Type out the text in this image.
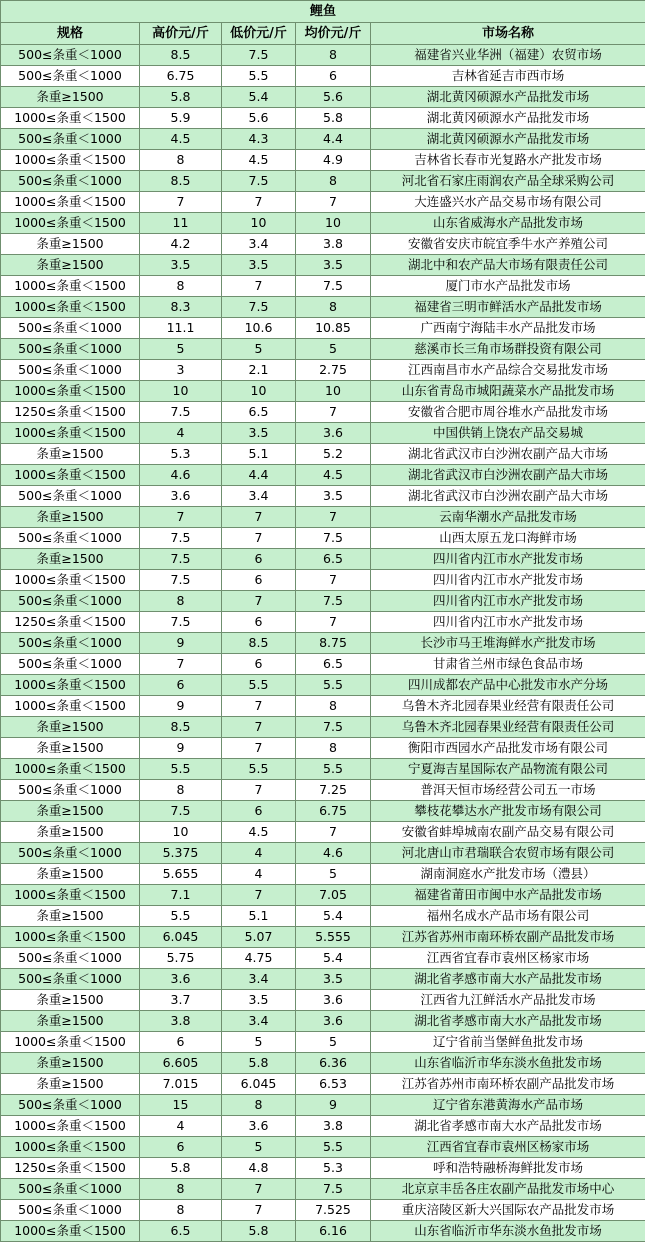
鲤鱼				
规格	高价元/斤	低价元/斤	均价元/斤	市场名称
500≤条重＜1000	8.5	7.5	8	福建省兴业华洲（福建）农贸市场
500≤条重＜1000	6.75	5.5	6	吉林省延吉市西市场
条重≥1500	5.8	5.4	5.6	湖北黄冈硕源水产品批发市场
1000≤条重＜1500	5.9	5.6	5.8	湖北黄冈硕源水产品批发市场
500≤条重＜1000	4.5	4.3	4.4	湖北黄冈硕源水产品批发市场
1000≤条重＜1500	8	4.5	4.9	吉林省长春市光复路水产批发市场
500≤条重＜1000	8.5	7.5	8	河北省石家庄雨润农产品全球采购公司
1000≤条重＜1500	7	7	7	大连盛兴水产品交易市场有限公司
1000≤条重＜1500	11	10	10	山东省威海水产品批发市场
条重≥1500	4.2	3.4	3.8	安徽省安庆市皖宜季牛水产养殖公司
条重≥1500	3.5	3.5	3.5	湖北中和农产品大市场有限责任公司
1000≤条重＜1500	8	7	7.5	厦门市水产品批发市场
1000≤条重＜1500	8.3	7.5	8	福建省三明市鲜活水产品批发市场
500≤条重＜1000	11.1	10.6	10.85	广西南宁海陆丰水产品批发市场
500≤条重＜1000	5	5	5	慈溪市长三角市场群投资有限公司
500≤条重＜1000	3	2.1	2.75	江西南昌市水产品综合交易批发市场
1000≤条重＜1500	10	10	10	山东省青岛市城阳蔬菜水产品批发市场
1250≤条重＜1500	7.5	6.5	7	安徽省合肥市周谷堆水产品批发市场
1000≤条重＜1500	4	3.5	3.6	中国供销上饶农产品交易城
条重≥1500	5.3	5.1	5.2	湖北省武汉市白沙洲农副产品大市场
1000≤条重＜1500	4.6	4.4	4.5	湖北省武汉市白沙洲农副产品大市场
500≤条重＜1000	3.6	3.4	3.5	湖北省武汉市白沙洲农副产品大市场
条重≥1500	7	7	7	云南华潮水产品批发市场
500≤条重＜1000	7.5	7	7.5	山西太原五龙口海鲜市场
条重≥1500	7.5	6	6.5	四川省内江市水产批发市场
1000≤条重＜1500	7.5	6	7	四川省内江市水产批发市场
500≤条重＜1000	8	7	7.5	四川省内江市水产批发市场
1250≤条重＜1500	7.5	6	7	四川省内江市水产批发市场
500≤条重＜1000	9	8.5	8.75	长沙市马王堆海鲜水产批发市场
500≤条重＜1000	7	6	6.5	甘肃省兰州市绿色食品市场
1000≤条重＜1500	6	5.5	5.5	四川成都农产品中心批发市水产分场
1000≤条重＜1500	9	7	8	乌鲁木齐北园春果业经营有限责任公司
条重≥1500	8.5	7	7.5	乌鲁木齐北园春果业经营有限责任公司
条重≥1500	9	7	8	衡阳市西园水产品批发市场有限公司
1000≤条重＜1500	5.5	5.5	5.5	宁夏海吉星国际农产品物流有限公司
500≤条重＜1000	8	7	7.25	普洱天恒市场经营公司五一市场
条重≥1500	7.5	6	6.75	攀枝花攀达水产批发市场有限公司
条重≥1500	10	4.5	7	安徽省蚌埠城南农副产品交易有限公司
500≤条重＜1000	5.375	4	4.6	河北唐山市君瑞联合农贸市场有限公司
条重≥1500	5.655	4	5	湖南洞庭水产批发市场（澧县）
1000≤条重＜1500	7.1	7	7.05	福建省莆田市闽中水产品批发市场
条重≥1500	5.5	5.1	5.4	福州名成水产品市场有限公司
1000≤条重＜1500	6.045	5.07	5.555	江苏省苏州市南环桥农副产品批发市场
500≤条重＜1000	5.75	4.75	5.4	江西省宜春市袁州区杨家市场
500≤条重＜1000	3.6	3.4	3.5	湖北省孝感市南大水产品批发市场
条重≥1500	3.7	3.5	3.6	江西省九江鲜活水产品批发市场
条重≥1500	3.8	3.4	3.6	湖北省孝感市南大水产品批发市场
1000≤条重＜1500	6	5	5	辽宁省前当堡鲜鱼批发市场
条重≥1500	6.605	5.8	6.36	山东省临沂市华东淡水鱼批发市场
条重≥1500	7.015	6.045	6.53	江苏省苏州市南环桥农副产品批发市场
500≤条重＜1000	15	8	9	辽宁省东港黄海水产品市场
1000≤条重＜1500	4	3.6	3.8	湖北省孝感市南大水产品批发市场
1000≤条重＜1500	6	5	5.5	江西省宜春市袁州区杨家市场
1250≤条重＜1500	5.8	4.8	5.3	呼和浩特融桥海鲜批发市场
500≤条重＜1000	8	7	7.5	北京京丰岳各庄农副产品批发市场中心
500≤条重＜1000	8	7	7.525	重庆涪陵区新大兴国际农产品批发市场
1000≤条重＜1500	6.5	5.8	6.16	山东省临沂市华东淡水鱼批发市场
